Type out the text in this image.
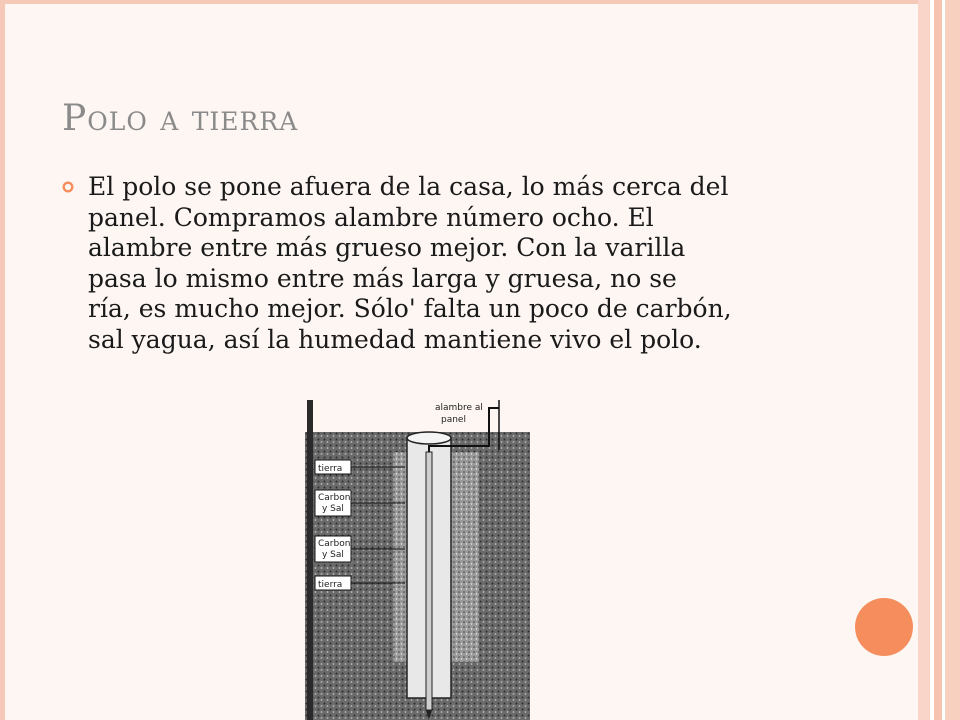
Polo a tierra
El polo se pone afuera de la casa, lo más cerca del
panel. Compramos alambre número ocho. El
alambre entre más grueso mejor. Con la varilla
pasa lo mismo entre más larga y gruesa, no se
ría, es mucho mejor. Sólo' falta un poco de carbón,
sal yagua, así la humedad mantiene vivo el polo.
alambre al
panel
tierra
Carbon
y Sal
Carbon
y Sal
tierra
